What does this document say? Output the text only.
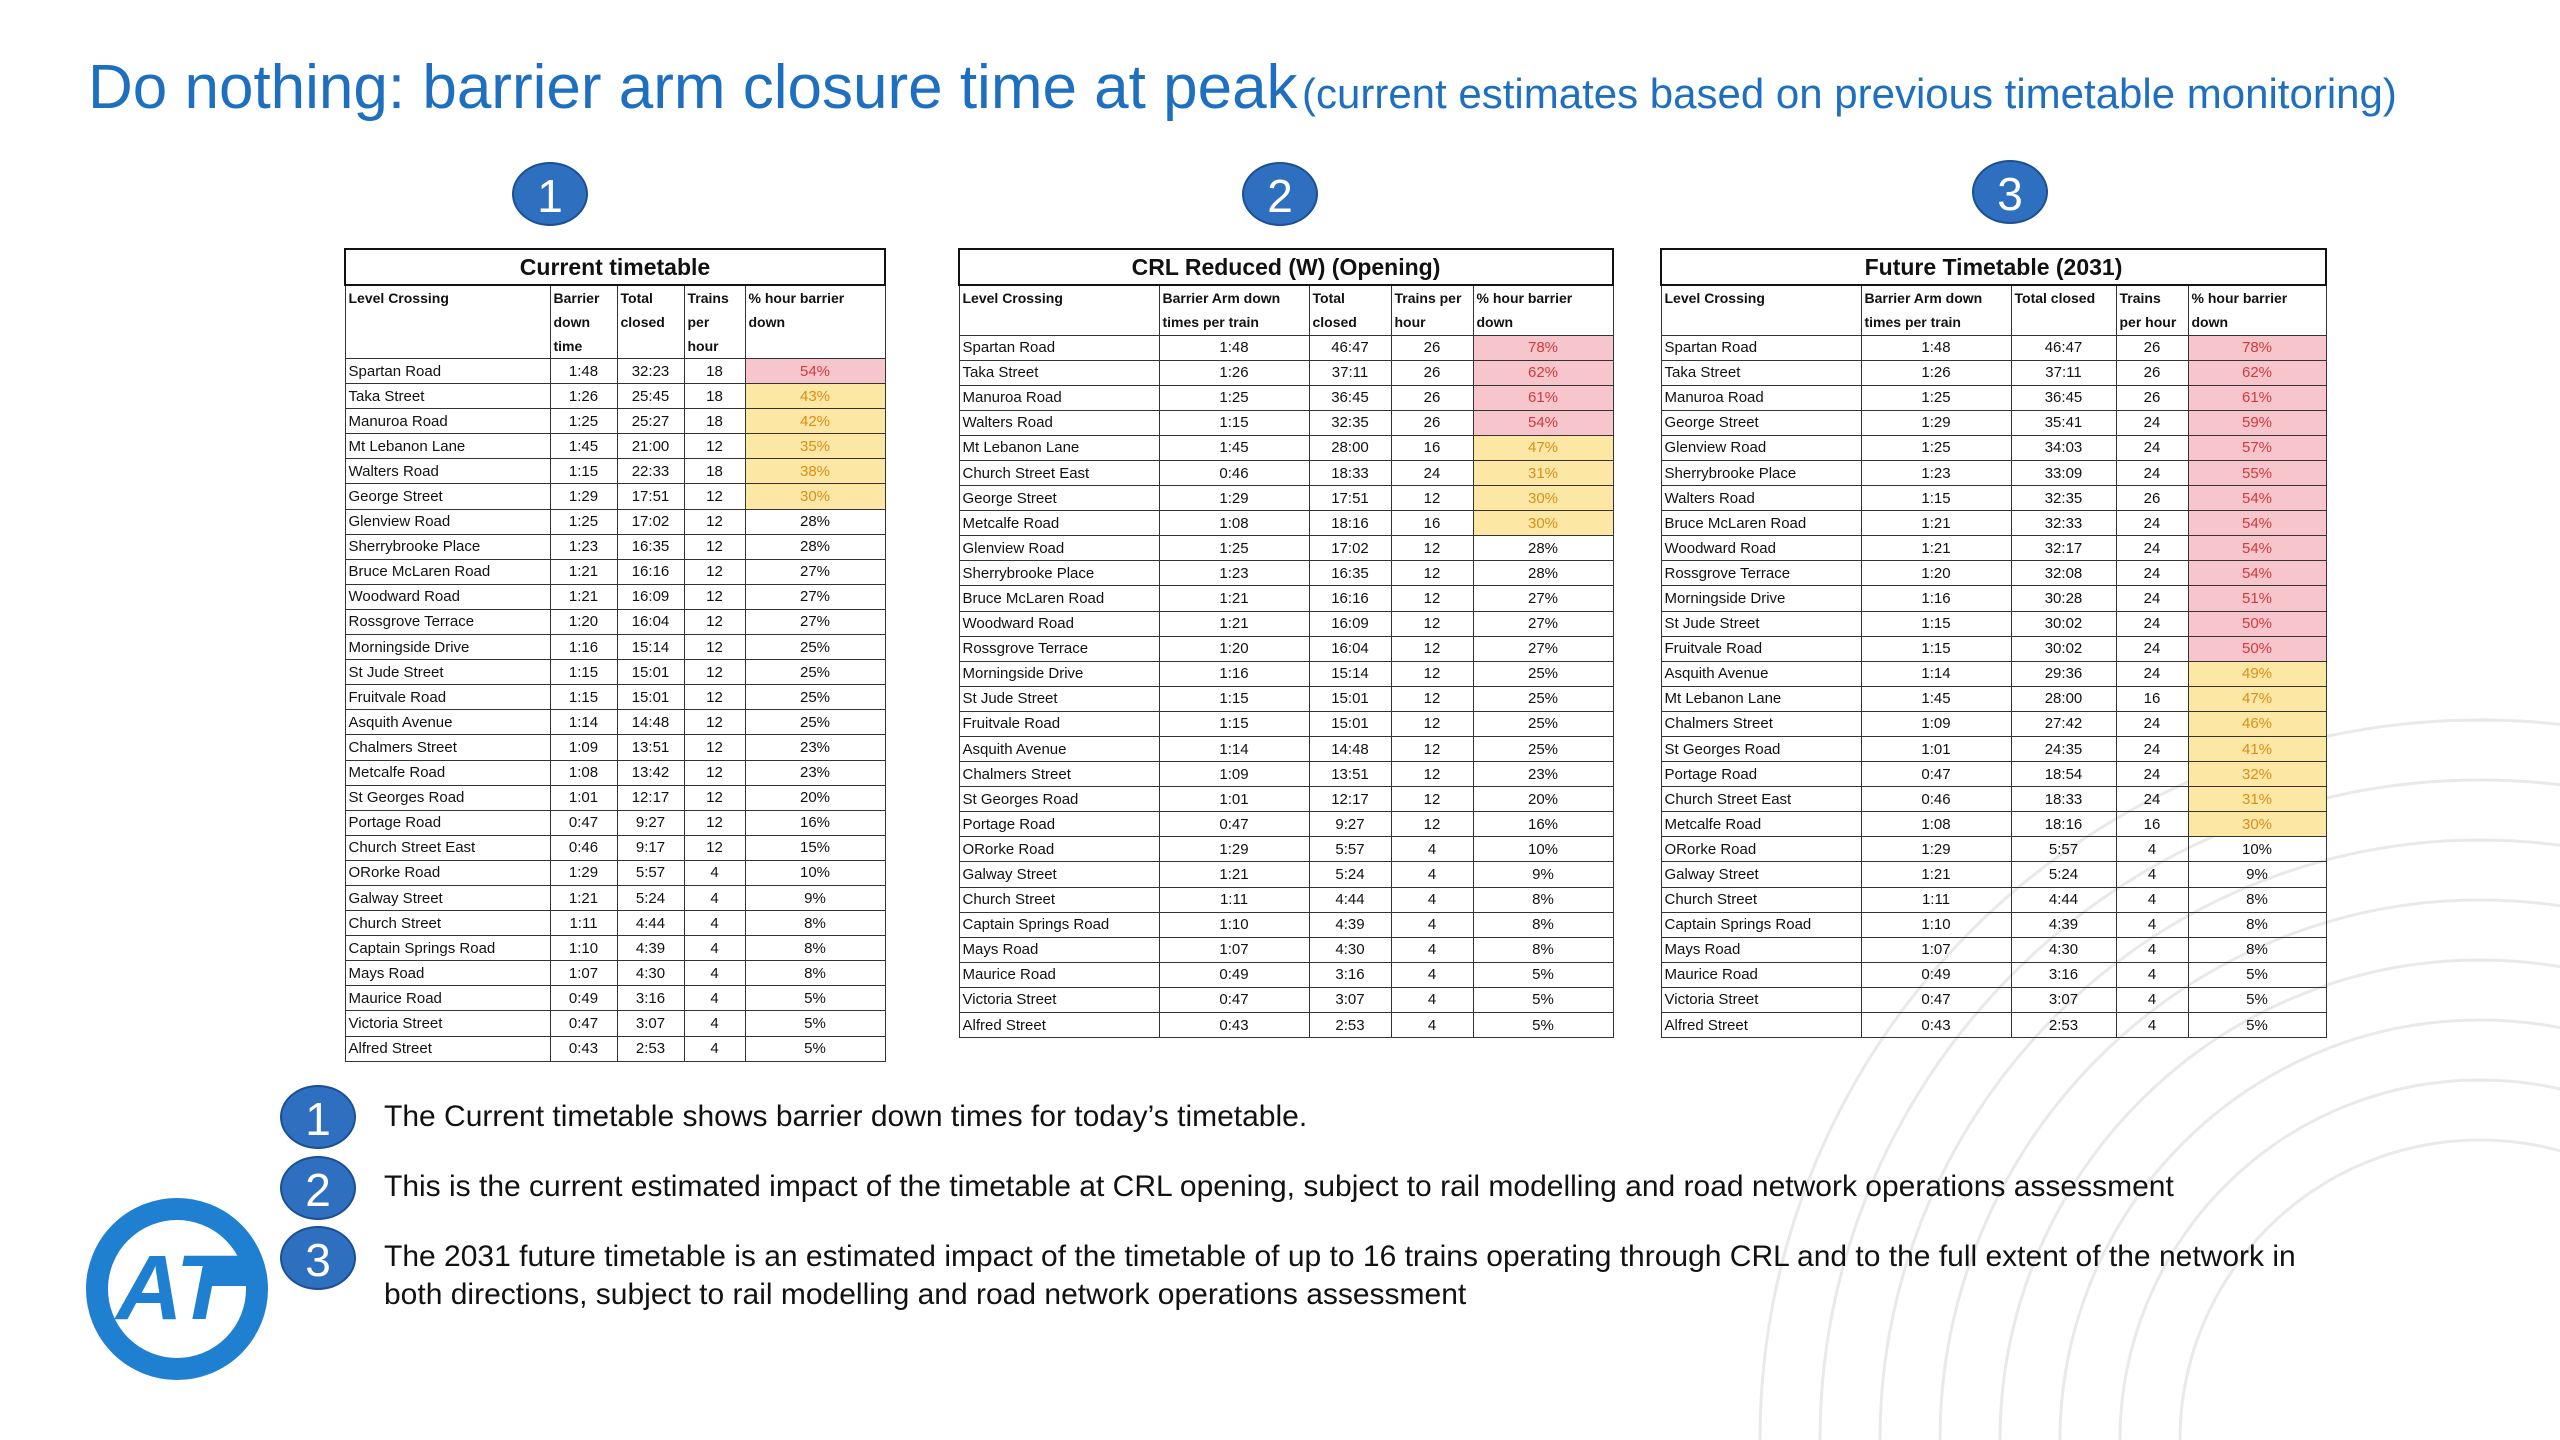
Do nothing: barrier arm closure time at peak (current estimates based on previous timetable monitoring)
1	2	3
Current timetable				
Level Crossing	Barrier down time	Total closed	Trains per hour	% hour barrier down
Spartan Road	1:48	32:23	18	54%
Taka Street	1:26	25:45	18	43%
Manuroa Road	1:25	25:27	18	42%
Mt Lebanon Lane	1:45	21:00	12	35%
Walters Road	1:15	22:33	18	38%
George Street	1:29	17:51	12	30%
Glenview Road	1:25	17:02	12	28%
Sherrybrooke Place	1:23	16:35	12	28%
Bruce McLaren Road	1:21	16:16	12	27%
Woodward Road	1:21	16:09	12	27%
Rossgrove Terrace	1:20	16:04	12	27%
Morningside Drive	1:16	15:14	12	25%
St Jude Street	1:15	15:01	12	25%
Fruitvale Road	1:15	15:01	12	25%
Asquith Avenue	1:14	14:48	12	25%
Chalmers Street	1:09	13:51	12	23%
Metcalfe Road	1:08	13:42	12	23%
St Georges Road	1:01	12:17	12	20%
Portage Road	0:47	9:27	12	16%
Church Street East	0:46	9:17	12	15%
ORorke Road	1:29	5:57	4	10%
Galway Street	1:21	5:24	4	9%
Church Street	1:11	4:44	4	8%
Captain Springs Road	1:10	4:39	4	8%
Mays Road	1:07	4:30	4	8%
Maurice Road	0:49	3:16	4	5%
Victoria Street	0:47	3:07	4	5%
Alfred Street	0:43	2:53	4	5%
CRL Reduced (W) (Opening)				
Level Crossing	Barrier Arm down times per train	Total closed	Trains per hour	% hour barrier down
Spartan Road	1:48	46:47	26	78%
Taka Street	1:26	37:11	26	62%
Manuroa Road	1:25	36:45	26	61%
Walters Road	1:15	32:35	26	54%
Mt Lebanon Lane	1:45	28:00	16	47%
Church Street East	0:46	18:33	24	31%
George Street	1:29	17:51	12	30%
Metcalfe Road	1:08	18:16	16	30%
Glenview Road	1:25	17:02	12	28%
Sherrybrooke Place	1:23	16:35	12	28%
Bruce McLaren Road	1:21	16:16	12	27%
Woodward Road	1:21	16:09	12	27%
Rossgrove Terrace	1:20	16:04	12	27%
Morningside Drive	1:16	15:14	12	25%
St Jude Street	1:15	15:01	12	25%
Fruitvale Road	1:15	15:01	12	25%
Asquith Avenue	1:14	14:48	12	25%
Chalmers Street	1:09	13:51	12	23%
St Georges Road	1:01	12:17	12	20%
Portage Road	0:47	9:27	12	16%
ORorke Road	1:29	5:57	4	10%
Galway Street	1:21	5:24	4	9%
Church Street	1:11	4:44	4	8%
Captain Springs Road	1:10	4:39	4	8%
Mays Road	1:07	4:30	4	8%
Maurice Road	0:49	3:16	4	5%
Victoria Street	0:47	3:07	4	5%
Alfred Street	0:43	2:53	4	5%
Future Timetable (2031)				
Level Crossing	Barrier Arm down times per train	Total closed	Trains per hour	% hour barrier down
Spartan Road	1:48	46:47	26	78%
Taka Street	1:26	37:11	26	62%
Manuroa Road	1:25	36:45	26	61%
George Street	1:29	35:41	24	59%
Glenview Road	1:25	34:03	24	57%
Sherrybrooke Place	1:23	33:09	24	55%
Walters Road	1:15	32:35	26	54%
Bruce McLaren Road	1:21	32:33	24	54%
Woodward Road	1:21	32:17	24	54%
Rossgrove Terrace	1:20	32:08	24	54%
Morningside Drive	1:16	30:28	24	51%
St Jude Street	1:15	30:02	24	50%
Fruitvale Road	1:15	30:02	24	50%
Asquith Avenue	1:14	29:36	24	49%
Mt Lebanon Lane	1:45	28:00	16	47%
Chalmers Street	1:09	27:42	24	46%
St Georges Road	1:01	24:35	24	41%
Portage Road	0:47	18:54	24	32%
Church Street East	0:46	18:33	24	31%
Metcalfe Road	1:08	18:16	16	30%
ORorke Road	1:29	5:57	4	10%
Galway Street	1:21	5:24	4	9%
Church Street	1:11	4:44	4	8%
Captain Springs Road	1:10	4:39	4	8%
Mays Road	1:07	4:30	4	8%
Maurice Road	0:49	3:16	4	5%
Victoria Street	0:47	3:07	4	5%
Alfred Street	0:43	2:53	4	5%
AT
1	The Current timetable shows barrier down times for today’s timetable.
2	This is the current estimated impact of the timetable at CRL opening, subject to rail modelling and road network operations assessment
3	The 2031 future timetable is an estimated impact of the timetable of up to 16 trains operating through CRL and to the full extent of the network in both directions, subject to rail modelling and road network operations assessment
